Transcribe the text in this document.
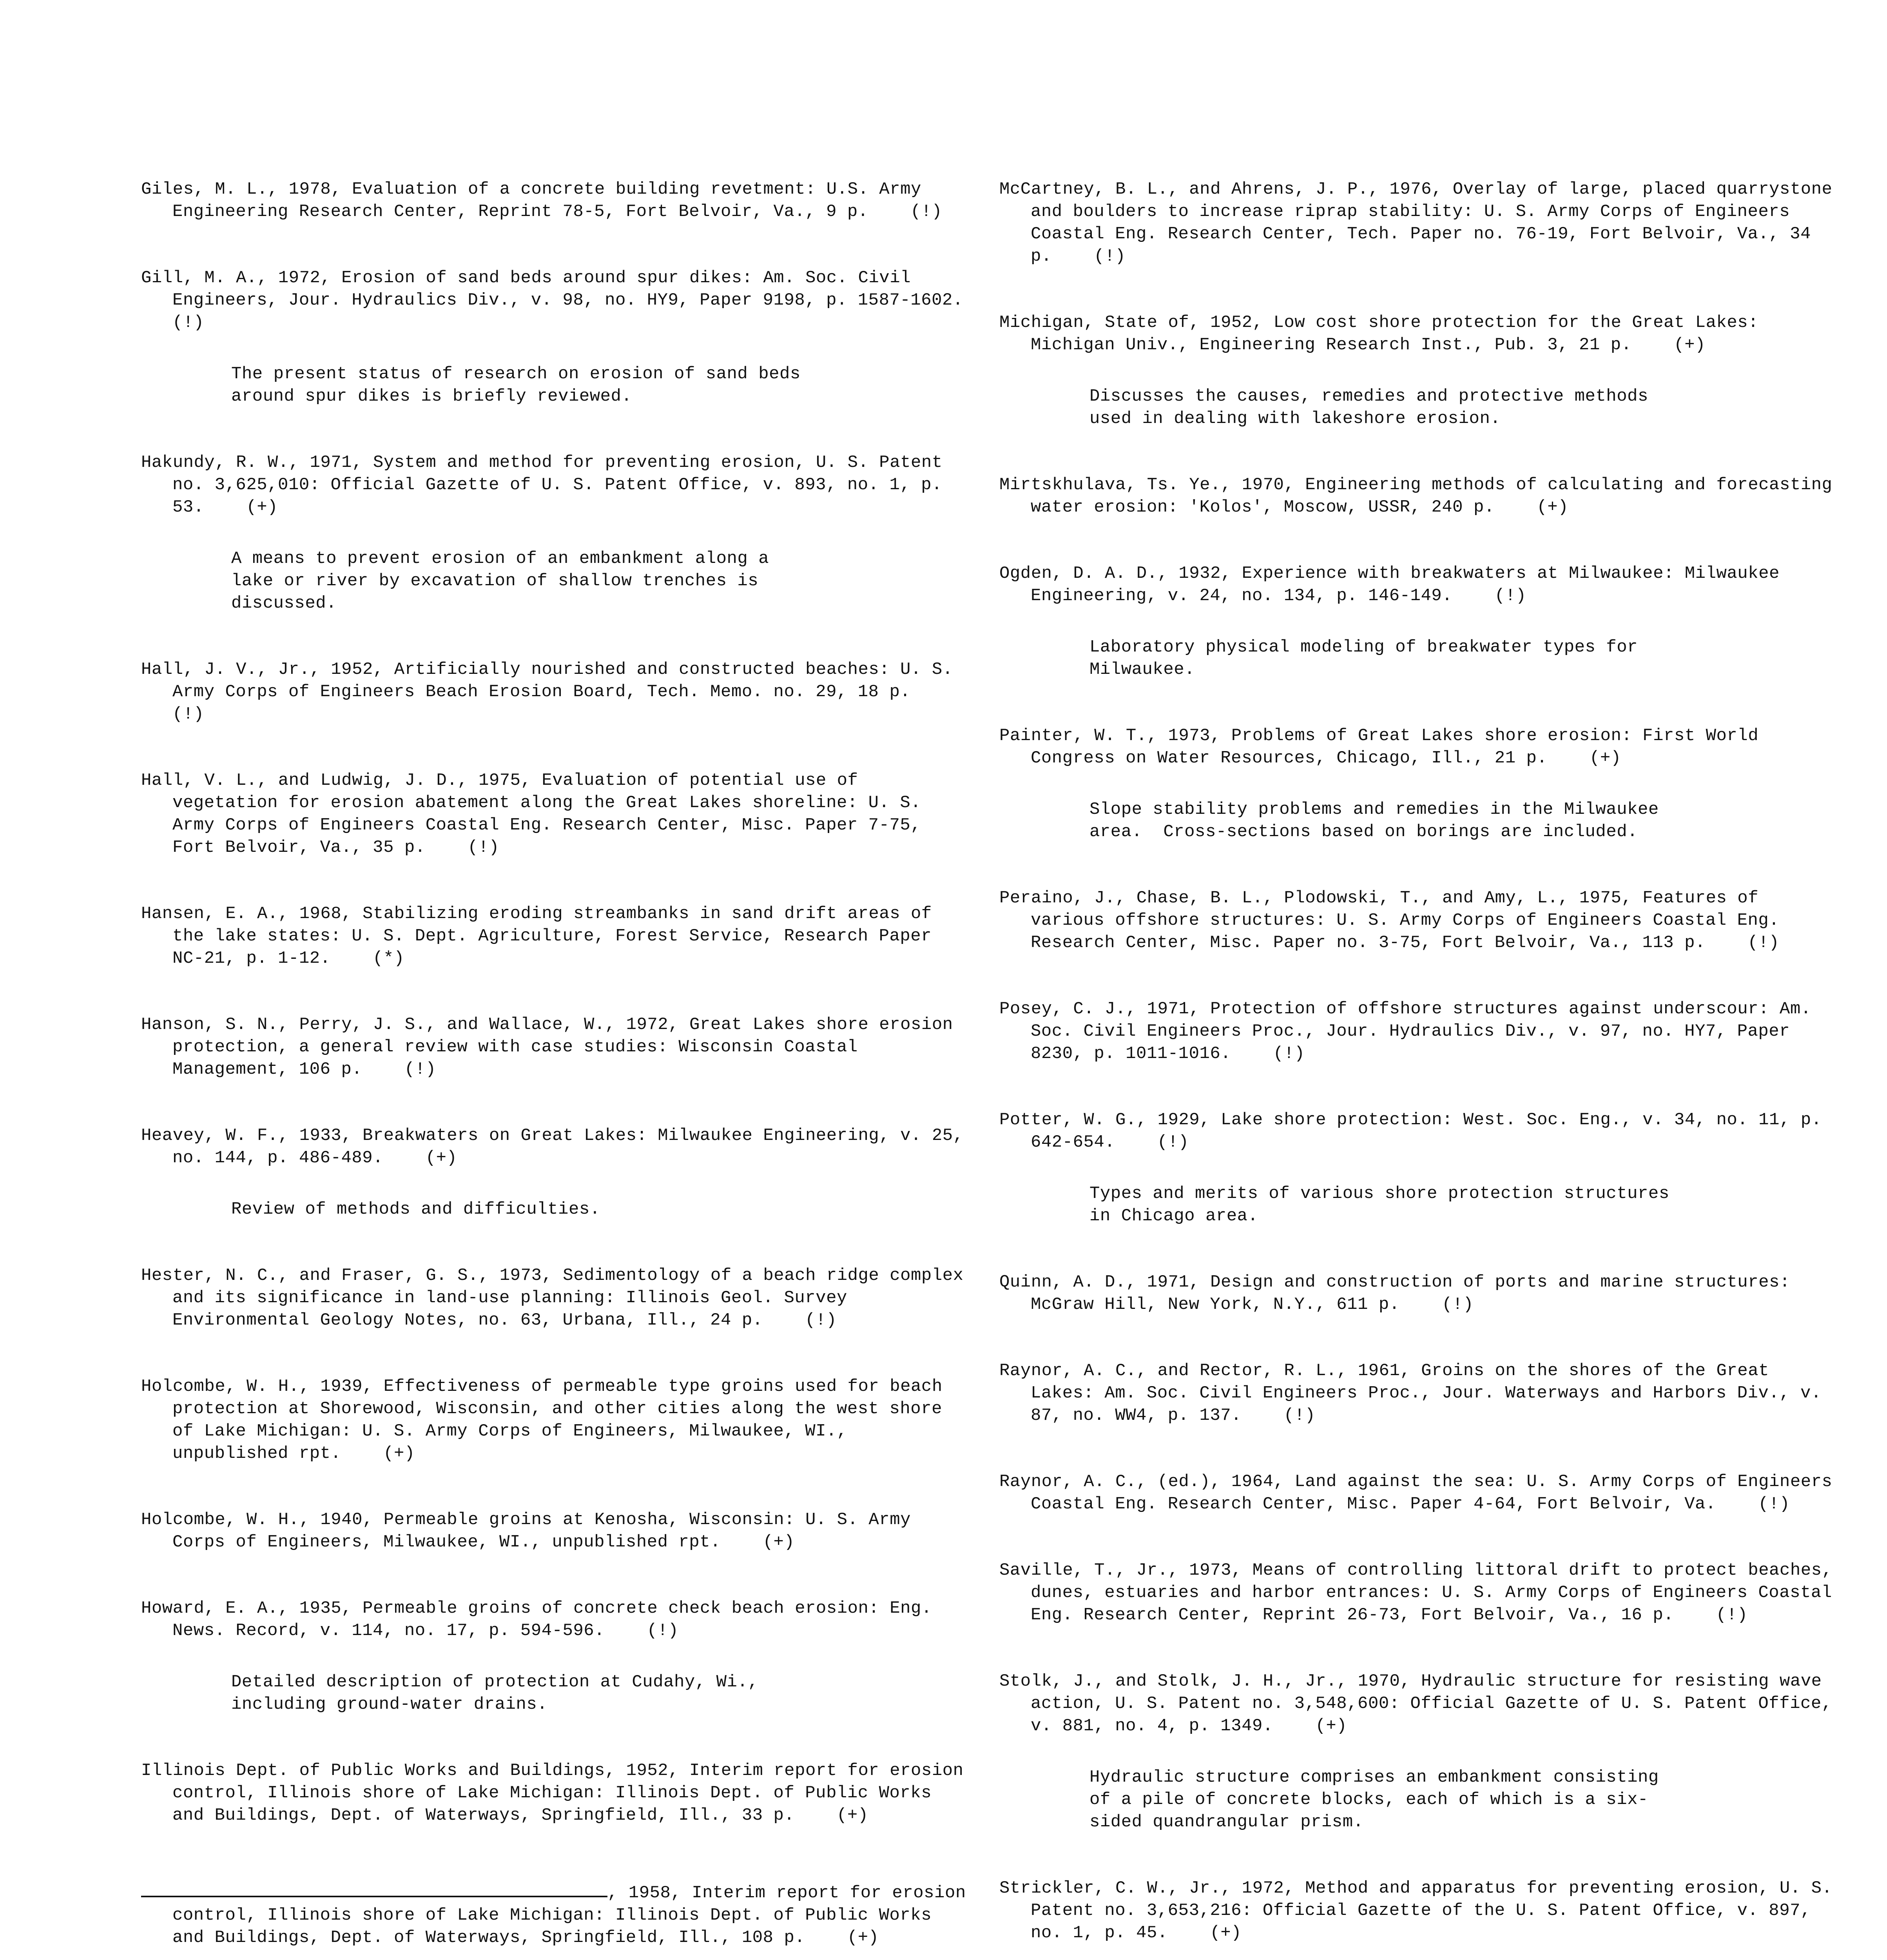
Giles, M. L., 1978, Evaluation of a concrete building revetment: U.S. Army Engineering Research Center, Reprint 78-5, Fort Belvoir, Va., 9 p.    (!)

Gill, M. A., 1972, Erosion of sand beds around spur dikes: Am. Soc. Civil Engineers, Jour. Hydraulics Div., v. 98, no. HY9, Paper 9198, p. 1587-1602.    (!)

The present status of research on erosion of sand beds around spur dikes is briefly reviewed.

Hakundy, R. W., 1971, System and method for preventing erosion, U. S. Patent no. 3,625,010: Official Gazette of U. S. Patent Office, v. 893, no. 1, p. 53.    (+)

A means to prevent erosion of an embankment along a lake or river by excavation of shallow trenches is discussed.

Hall, J. V., Jr., 1952, Artificially nourished and constructed beaches: U. S. Army Corps of Engineers Beach Erosion Board, Tech. Memo. no. 29, 18 p.    (!)

Hall, V. L., and Ludwig, J. D., 1975, Evaluation of potential use of vegetation for erosion abatement along the Great Lakes shoreline: U. S. Army Corps of Engineers Coastal Eng. Research Center, Misc. Paper 7-75, Fort Belvoir, Va., 35 p.    (!)

Hansen, E. A., 1968, Stabilizing eroding streambanks in sand drift areas of the lake states: U. S. Dept. Agriculture, Forest Service, Research Paper NC-21, p. 1-12.    (*)

Hanson, S. N., Perry, J. S., and Wallace, W., 1972, Great Lakes shore erosion protection, a general review with case studies: Wisconsin Coastal Management, 106 p.    (!)

Heavey, W. F., 1933, Breakwaters on Great Lakes: Milwaukee Engineering, v. 25, no. 144, p. 486-489.    (+)

Review of methods and difficulties.

Hester, N. C., and Fraser, G. S., 1973, Sedimentology of a beach ridge complex and its significance in land-use planning: Illinois Geol. Survey Environmental Geology Notes, no. 63, Urbana, Ill., 24 p.    (!)

Holcombe, W. H., 1939, Effectiveness of permeable type groins used for beach protection at Shorewood, Wisconsin, and other cities along the west shore of Lake Michigan: U. S. Army Corps of Engineers, Milwaukee, WI., unpublished rpt.    (+)

Holcombe, W. H., 1940, Permeable groins at Kenosha, Wisconsin: U. S. Army Corps of Engineers, Milwaukee, WI., unpublished rpt.    (+)

Howard, E. A., 1935, Permeable groins of concrete check beach erosion: Eng. News. Record, v. 114, no. 17, p. 594-596.    (!)

Detailed description of protection at Cudahy, Wi., including ground-water drains.

Illinois Dept. of Public Works and Buildings, 1952, Interim report for erosion control, Illinois shore of Lake Michigan: Illinois Dept. of Public Works and Buildings, Dept. of Waterways, Springfield, Ill., 33 p.    (+)

, 1958, Interim report for erosion control, Illinois shore of Lake Michigan: Illinois Dept. of Public Works and Buildings, Dept. of Waterways, Springfield, Ill., 108 p.    (+)

McCartney, B. L., and Ahrens, J. P., 1976, Overlay of large, placed quarrystone and boulders to increase riprap stability: U. S. Army Corps of Engineers Coastal Eng. Research Center, Tech. Paper no. 76-19, Fort Belvoir, Va., 34 p.    (!)

Michigan, State of, 1952, Low cost shore protection for the Great Lakes: Michigan Univ., Engineering Research Inst., Pub. 3, 21 p.    (+)

Discusses the causes, remedies and protective methods used in dealing with lakeshore erosion.

Mirtskhulava, Ts. Ye., 1970, Engineering methods of calculating and forecasting water erosion: 'Kolos', Moscow, USSR, 240 p.    (+)

Ogden, D. A. D., 1932, Experience with breakwaters at Milwaukee: Milwaukee Engineering, v. 24, no. 134, p. 146-149.    (!)

Laboratory physical modeling of breakwater types for Milwaukee.

Painter, W. T., 1973, Problems of Great Lakes shore erosion: First World Congress on Water Resources, Chicago, Ill., 21 p.    (+)

Slope stability problems and remedies in the Milwaukee area.  Cross-sections based on borings are included.

Peraino, J., Chase, B. L., Plodowski, T., and Amy, L., 1975, Features of various offshore structures: U. S. Army Corps of Engineers Coastal Eng. Research Center, Misc. Paper no. 3-75, Fort Belvoir, Va., 113 p.    (!)

Posey, C. J., 1971, Protection of offshore structures against underscour: Am. Soc. Civil Engineers Proc., Jour. Hydraulics Div., v. 97, no. HY7, Paper 8230, p. 1011-1016.    (!)

Potter, W. G., 1929, Lake shore protection: West. Soc. Eng., v. 34, no. 11, p. 642-654.    (!)

Types and merits of various shore protection structures in Chicago area.

Quinn, A. D., 1971, Design and construction of ports and marine structures: McGraw Hill, New York, N.Y., 611 p.    (!)

Raynor, A. C., and Rector, R. L., 1961, Groins on the shores of the Great Lakes: Am. Soc. Civil Engineers Proc., Jour. Waterways and Harbors Div., v. 87, no. WW4, p. 137.    (!)

Raynor, A. C., (ed.), 1964, Land against the sea: U. S. Army Corps of Engineers Coastal Eng. Research Center, Misc. Paper 4-64, Fort Belvoir, Va.    (!)

Saville, T., Jr., 1973, Means of controlling littoral drift to protect beaches, dunes, estuaries and harbor entrances: U. S. Army Corps of Engineers Coastal Eng. Research Center, Reprint 26-73, Fort Belvoir, Va., 16 p.    (!)

Stolk, J., and Stolk, J. H., Jr., 1970, Hydraulic structure for resisting wave action, U. S. Patent no. 3,548,600: Official Gazette of U. S. Patent Office, v. 881, no. 4, p. 1349.    (+)

Hydraulic structure comprises an embankment consisting of a pile of concrete blocks, each of which is a six-sided quandrangular prism.

Strickler, C. W., Jr., 1972, Method and apparatus for preventing erosion, U. S. Patent no. 3,653,216: Official Gazette of the U. S. Patent Office, v. 897, no. 1, p. 45.    (+)
